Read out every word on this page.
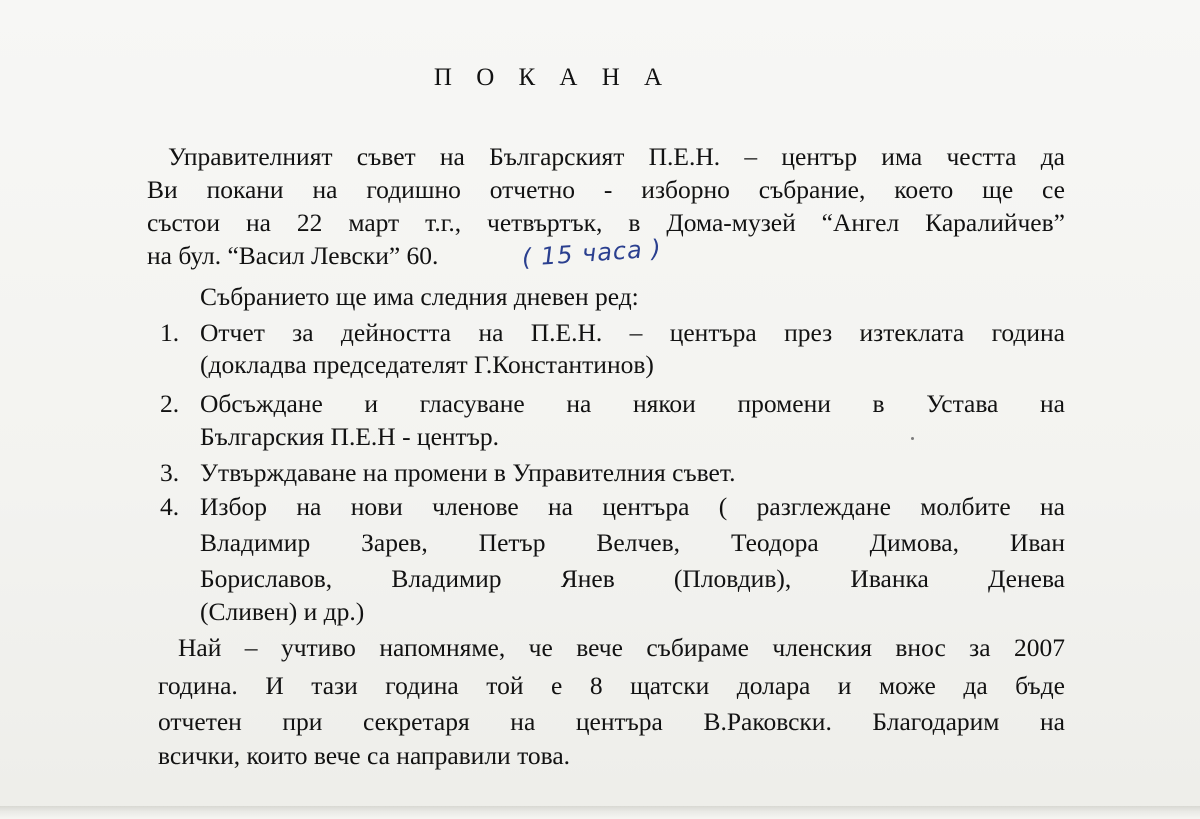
П О К А Н А
Управителният съвет на Българският П.Е.Н. – център има честта да
Ви покани на годишно отчетно - изборно събрание, което ще се
състои на 22 март т.г., четвъртък, в Дома-музей “Ангел Каралийчев”
на бул. “Васил Левски” 60.	( 15 часа )
Събранието ще има следния дневен ред:
1. Отчет за дейността на П.Е.Н. – центъра през изтеклата година
(докладва председателят Г.Константинов)
2. Обсъждане и гласуване на някои промени в Устава на
Българския П.Е.Н - център.
3. Утвърждаване на промени в Управителния съвет.
4. Избор на нови членове на центъра ( разглеждане молбите на
Владимир Зарев, Петър Велчев, Теодора Димова, Иван
Бориславов, Владимир Янев (Пловдив), Иванка Денева
(Сливен) и др.)
Най – учтиво напомняме, че вече събираме членския внос за 2007
година. И тази година той е 8 щатски долара и може да бъде
отчетен при секретаря на центъра В.Раковски. Благодарим на
всички, които вече са направили това.
